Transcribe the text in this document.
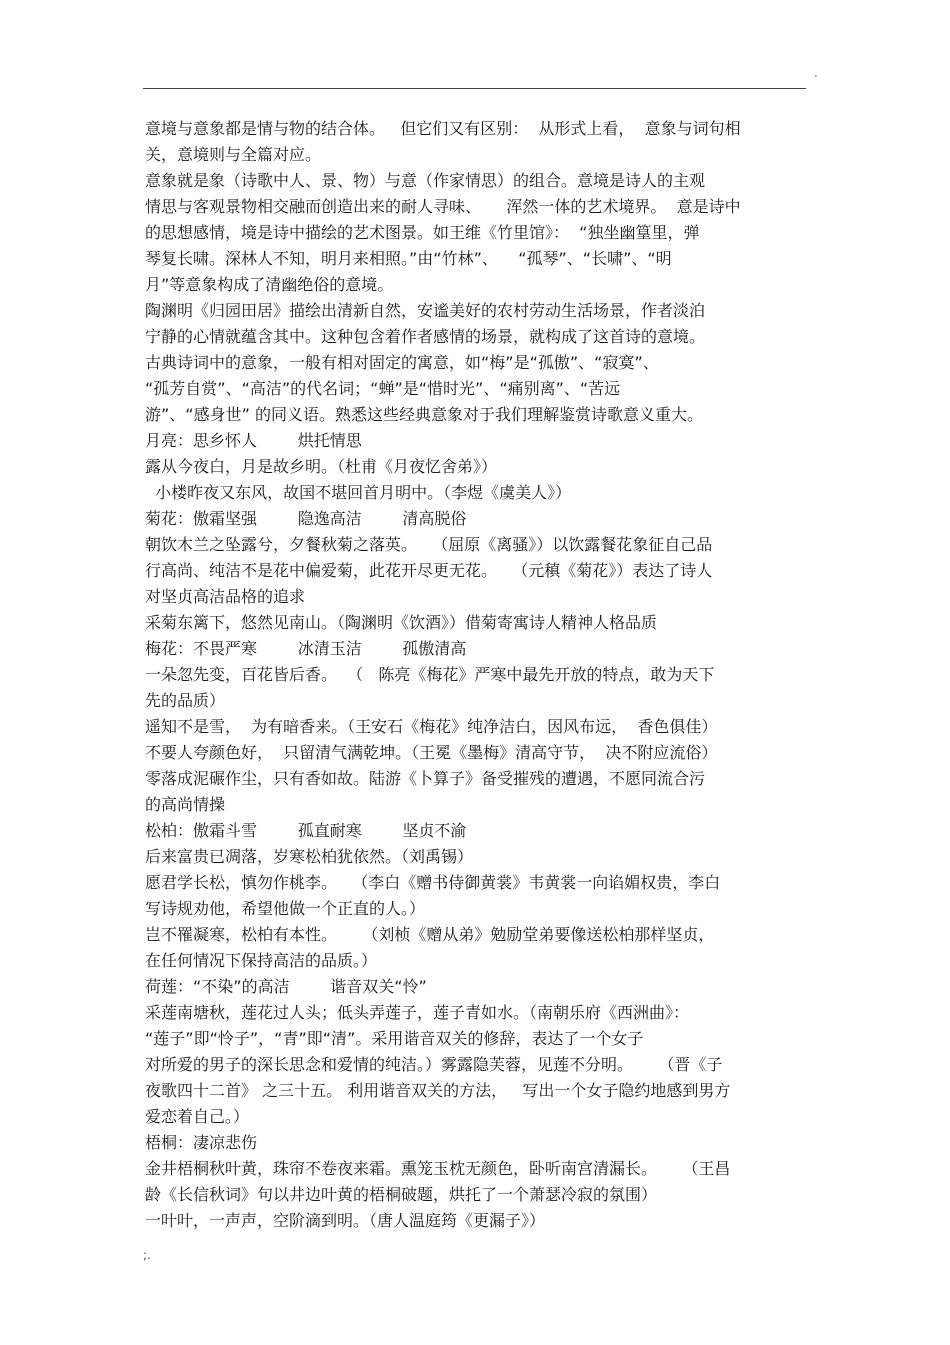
.
意境与意象都是情与物的结合体。   但它们又有区别：  从形式上看，  意象与词句相
关，意境则与全篇对应。
意象就是象（诗歌中人、景、物）与意（作家情思）的组合。意境是诗人的主观
情思与客观景物相交融而创造出来的耐人寻味、     浑然一体的艺术境界。  意是诗中
的思想感情，境是诗中描绘的艺术图景。如王维《竹里馆》：  “独坐幽篁里，弹
琴复长啸。深林人不知，明月来相照。”由“竹林”、    “孤琴”、“长啸”、“明
月”等意象构成了清幽绝俗的意境。
陶渊明《归园田居》描绘出清新自然，安谧美好的农村劳动生活场景，作者淡泊
宁静的心情就蕴含其中。这种包含着作者感情的场景，就构成了这首诗的意境。
古典诗词中的意象，一般有相对固定的寓意，如“梅”是“孤傲”、“寂寞”、
“孤芳自赏”、“高洁”的代名词；“蝉”是“惜时光”、“痛别离”、“苦远
游”、“感身世” 的同义语。熟悉这些经典意象对于我们理解鉴赏诗歌意义重大。
月亮：思乡怀人        烘托情思
露从今夜白，月是故乡明。（杜甫《月夜忆舍弟》）
小楼昨夜又东风，故国不堪回首月明中。（李煜《虞美人》）
菊花：傲霜坚强        隐逸高洁        清高脱俗
朝饮木兰之坠露兮，夕餐秋菊之落英。   （屈原《离骚》）以饮露餐花象征自己品
行高尚、纯洁不是花中偏爱菊，此花开尽更无花。   （元稹《菊花》）表达了诗人
对坚贞高洁品格的追求
采菊东篱下，悠然见南山。（陶渊明《饮酒》）借菊寄寓诗人精神人格品质
梅花：不畏严寒        冰清玉洁        孤傲清高
一朵忽先变，百花皆后香。  （   陈亮《梅花》严寒中最先开放的特点，敢为天下
先的品质）
遥知不是雪，  为有暗香来。（王安石《梅花》纯净洁白，因风布远，  香色俱佳）
不要人夸颜色好，  只留清气满乾坤。（王冕《墨梅》清高守节，  决不附应流俗）
零落成泥碾作尘，只有香如故。陆游《卜算子》备受摧残的遭遇，不愿同流合污
的高尚情操
松柏：傲霜斗雪        孤直耐寒        坚贞不渝
后来富贵已凋落，岁寒松柏犹依然。（刘禹锡）
愿君学长松，慎勿作桃李。   （李白《赠书侍御黄裳》韦黄裳一向谄媚权贵，李白
写诗规劝他，希望他做一个正直的人。）
岂不罹凝寒，松柏有本性。     （刘桢《赠从弟》勉励堂弟要像送松柏那样坚贞，
在任何情况下保持高洁的品质。）
荷莲：“不染”的高洁        谐音双关“怜”
采莲南塘秋，莲花过人头；低头弄莲子，莲子青如水。（南朝乐府《西洲曲》：
“莲子”即“怜子”，“青”即“清”。采用谐音双关的修辞，表达了一个女子
对所爱的男子的深长思念和爱情的纯洁。）雾露隐芙蓉，见莲不分明。     （晋《子
夜歌四十二首》 之三十五。 利用谐音双关的方法，   写出一个女子隐约地感到男方
爱恋着自己。）
梧桐：凄凉悲伤
金井梧桐秋叶黄，珠帘不卷夜来霜。熏笼玉枕无颜色，卧听南宫清漏长。     （王昌
龄《长信秋词》句以井边叶黄的梧桐破题，烘托了一个萧瑟冷寂的氛围）
一叶叶，一声声，空阶滴到明。（唐人温庭筠《更漏子》）
;.
